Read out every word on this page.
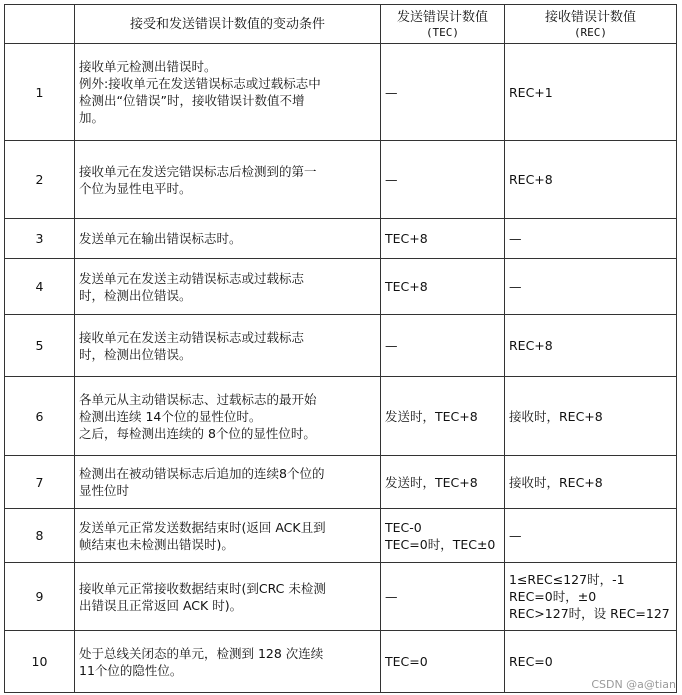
	接受和发送错误计数值的变动条件	发送错误计数值
(TEC)	接收错误计数值
(REC)

1	接收单元检测出错误时。
例外:接收单元在发送错误标志或过载标志中
检测出“位错误”时，接收错误计数值不增
加。	—	REC+1

2	接收单元在发送完错误标志后检测到的第一
个位为显性电平时。	—	REC+8

3	发送单元在输出错误标志时。	TEC+8	—

4	发送单元在发送主动错误标志或过载标志
时，检测出位错误。	TEC+8	—

5	接收单元在发送主动错误标志或过载标志
时，检测出位错误。	—	REC+8

6	各单元从主动错误标志、过载标志的最开始
检测出连续 14个位的显性位时。
之后，每检测出连续的 8个位的显性位时。	发送时，TEC+8	接收时，REC+8

7	检测出在被动错误标志后追加的连续8个位的
显性位时	发送时，TEC+8	接收时，REC+8

8	发送单元正常发送数据结束时(返回 ACK且到
帧结束也未检测出错误时)。	TEC-0
TEC=0时，TEC±0	—

9	接收单元正常接收数据结束时(到CRC 未检测
出错误且正常返回 ACK 时)。	—	1≤REC≤127时，-1
REC=0时，±0
REC>127时，设 REC=127

10	处于总线关闭态的单元，检测到 128 次连续
11个位的隐性位。	TEC=0	REC=0
CSDN @a@tian
